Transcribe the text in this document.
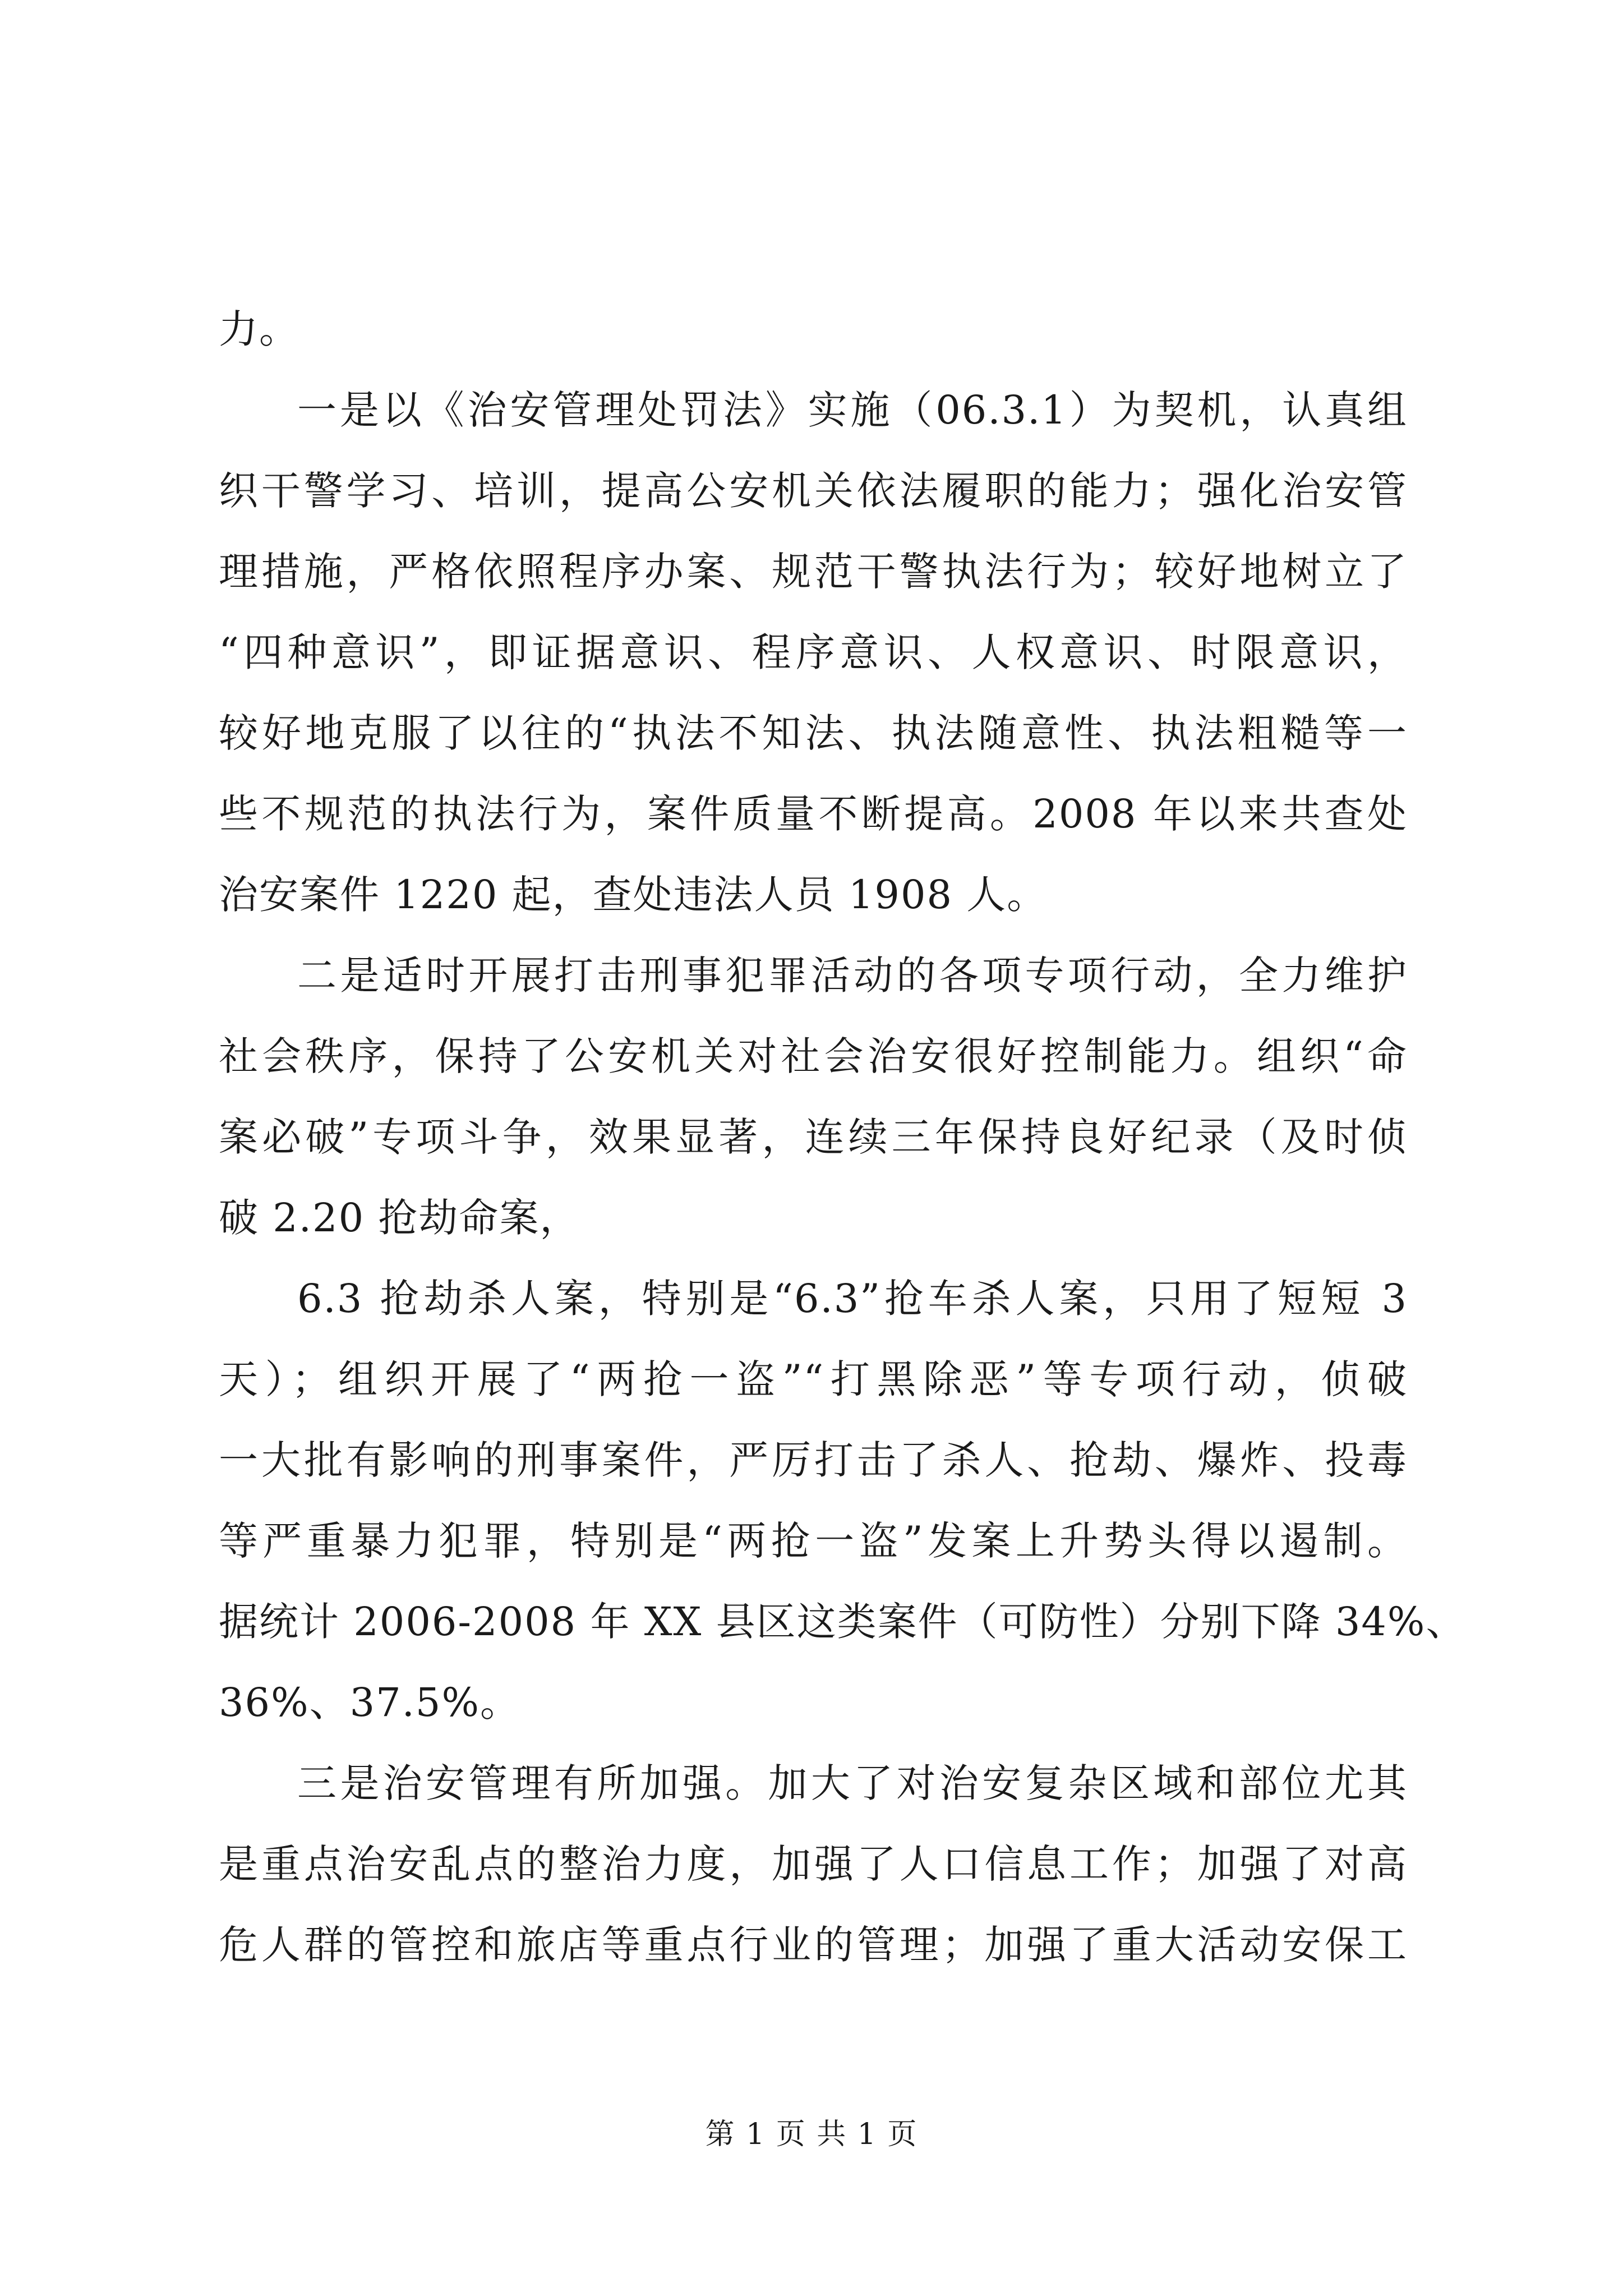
力。
一是以《治安管理处罚法》实施（06.3.1）为契机，认真组
织干警学习、培训，提高公安机关依法履职的能力；强化治安管
理措施，严格依照程序办案、规范干警执法行为；较好地树立了
“四种意识”，即证据意识、程序意识、人权意识、时限意识，
较好地克服了以往的“执法不知法、执法随意性、执法粗糙等一
些不规范的执法行为，案件质量不断提高。2008 年以来共查处
治安案件 1220 起，查处违法人员 1908 人。
二是适时开展打击刑事犯罪活动的各项专项行动，全力维护
社会秩序，保持了公安机关对社会治安很好控制能力。组织“命
案必破”专项斗争，效果显著，连续三年保持良好纪录（及时侦
破 2.20 抢劫命案，
6.3 抢劫杀人案，特别是“6.3”抢车杀人案，只用了短短 3
天）；组织开展了“两抢一盗”“打黑除恶”等专项行动，侦破
一大批有影响的刑事案件，严厉打击了杀人、抢劫、爆炸、投毒
等严重暴力犯罪，特别是“两抢一盗”发案上升势头得以遏制。
据统计 2006-2008 年 XX 县区这类案件（可防性）分别下降 34%、
36%、37.5%。
三是治安管理有所加强。加大了对治安复杂区域和部位尤其
是重点治安乱点的整治力度，加强了人口信息工作；加强了对高
危人群的管控和旅店等重点行业的管理；加强了重大活动安保工
第 1 页 共 1 页
